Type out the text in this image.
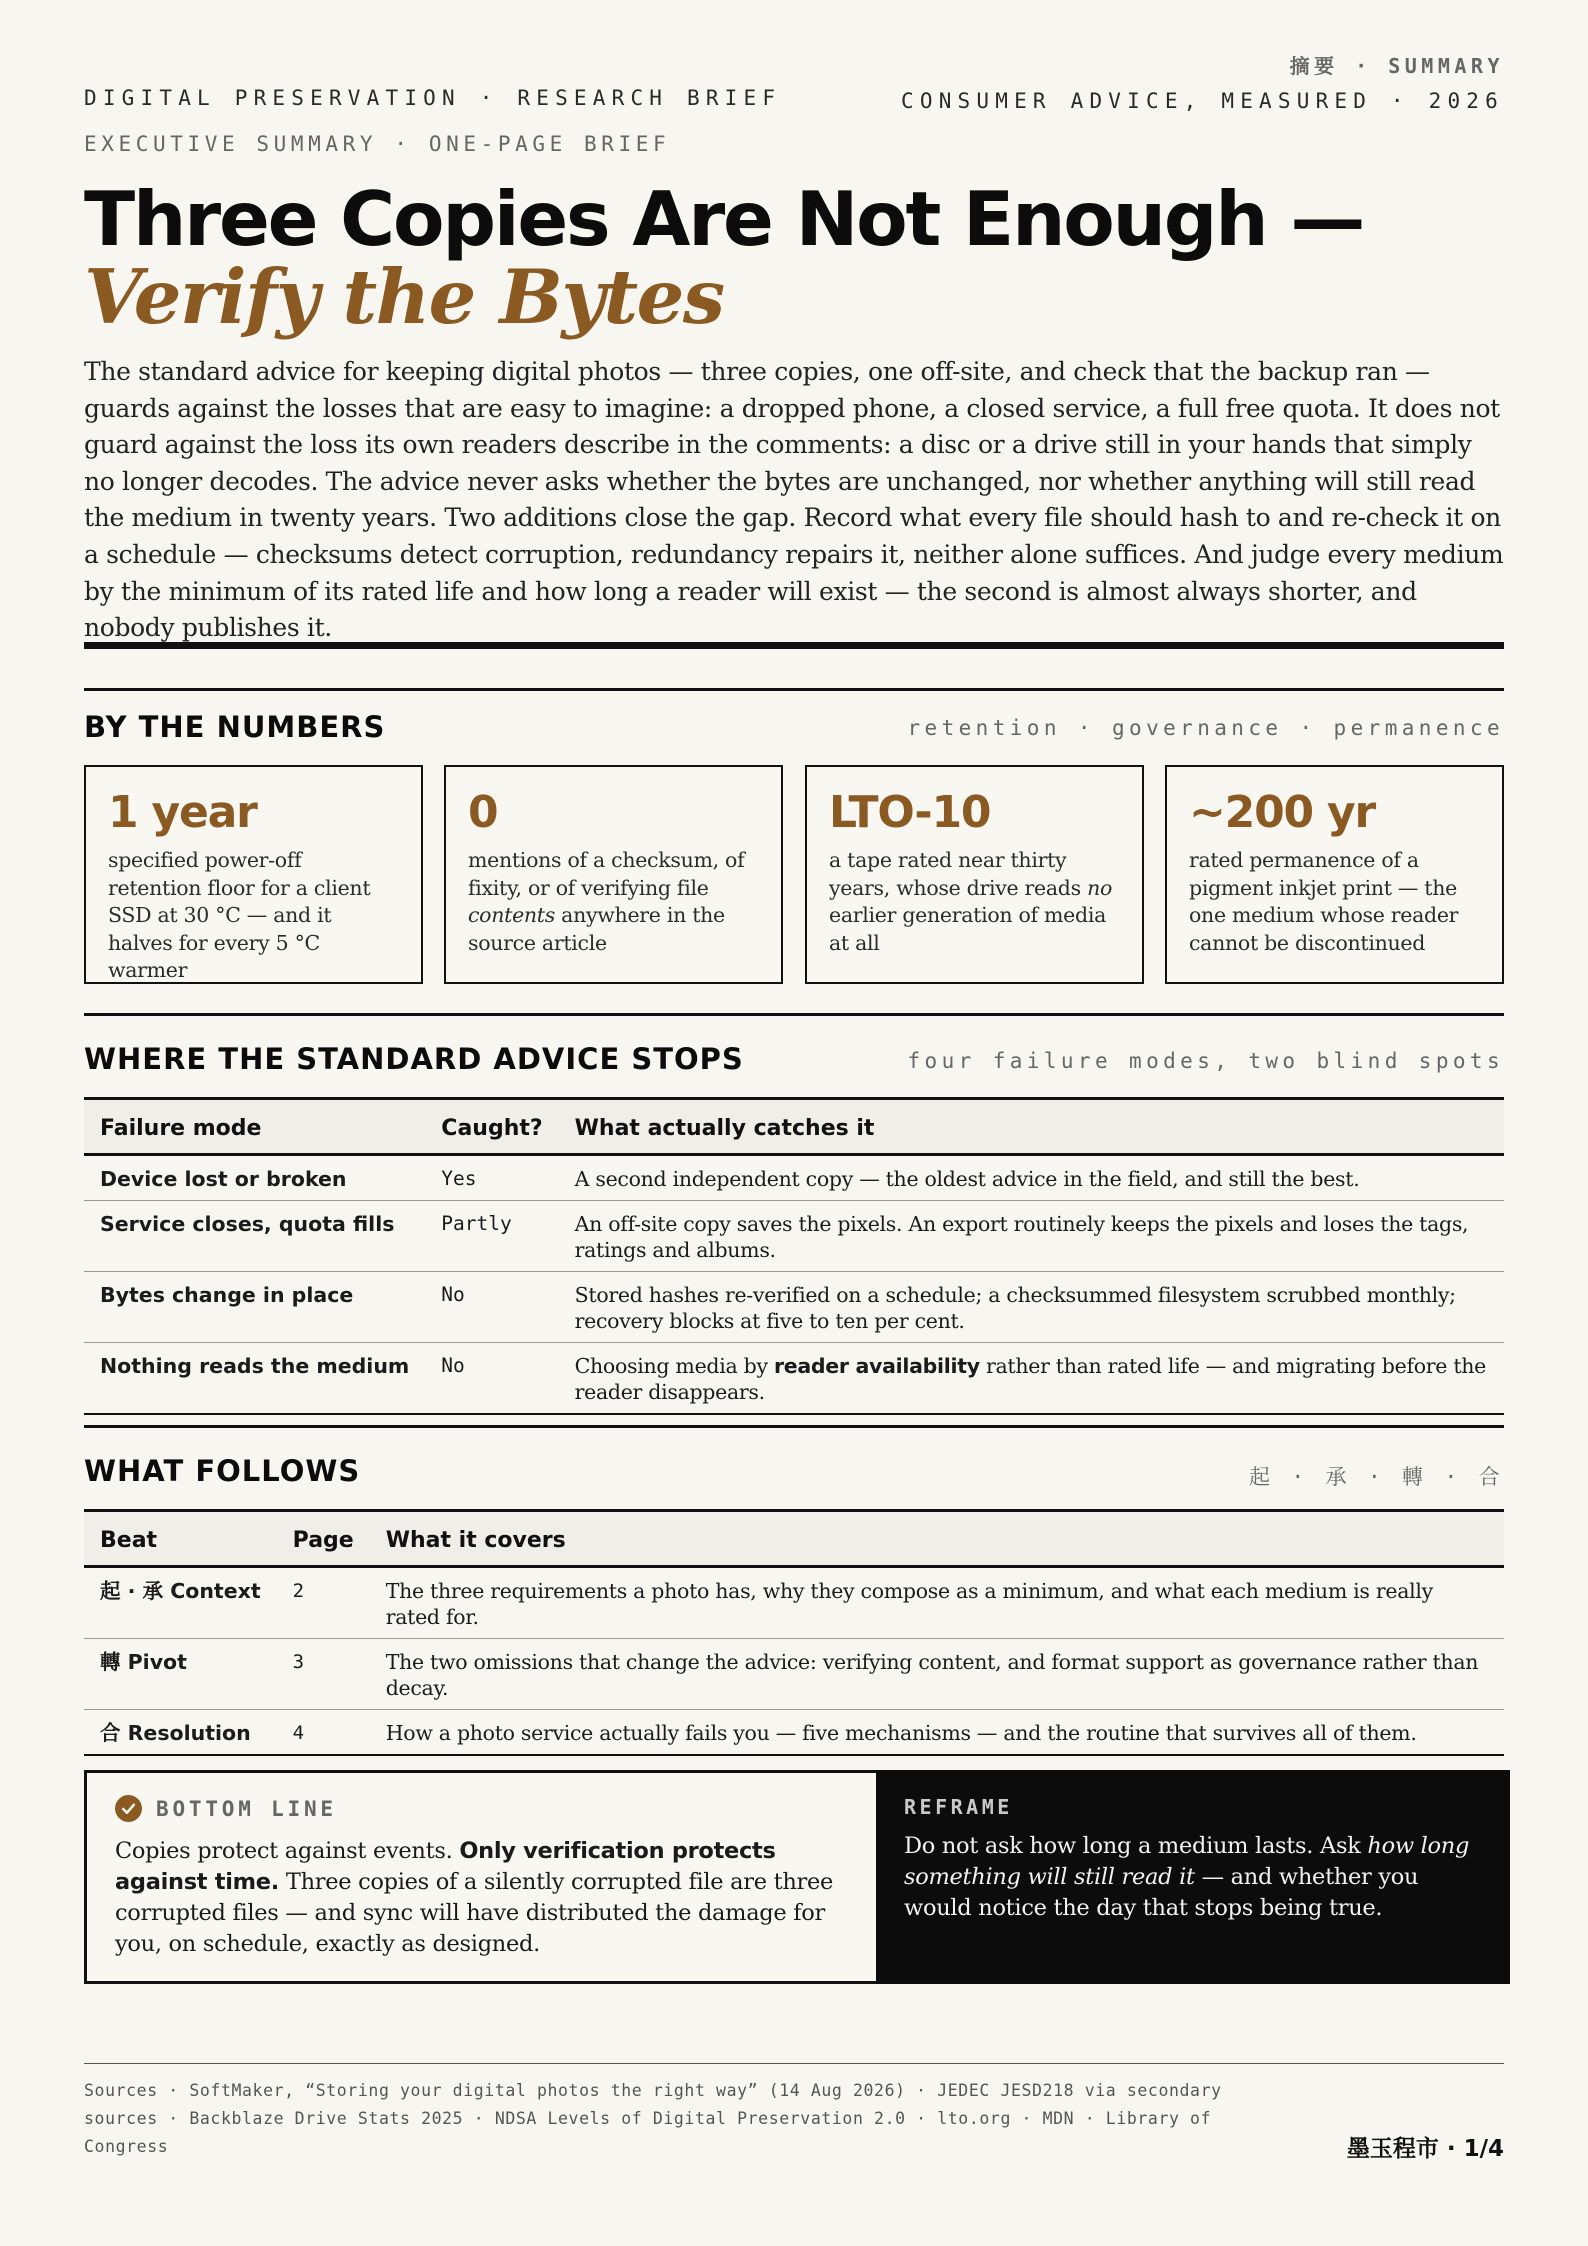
DIGITAL PRESERVATION · RESEARCH BRIEF
EXECUTIVE SUMMARY · ONE-PAGE BRIEF
摘要 · SUMMARY
CONSUMER ADVICE, MEASURED · 2026
Three Copies Are Not Enough — Verify the Bytes

The standard advice for keeping digital photos — three copies, one off-site, and check that the backup ran — guards against the losses that are easy to imagine: a dropped phone, a closed service, a full free quota. It does not guard against the loss its own readers describe in the comments: a disc or a drive still in your hands that simply no longer decodes. The advice never asks whether the bytes are unchanged, nor whether anything will still read the medium in twenty years. Two additions close the gap. Record what every file should hash to and re-check it on a schedule — checksums detect corruption, redundancy repairs it, neither alone suffices. And judge every medium by the minimum of its rated life and how long a reader will exist — the second is almost always shorter, and nobody publishes it.

BY THE NUMBERS	retention · governance · permanence
1 year
specified power-off retention floor for a client SSD at 30 °C — and it halves for every 5 °C warmer
0
mentions of a checksum, of fixity, or of verifying file contents anywhere in the source article
LTO-10
a tape rated near thirty years, whose drive reads no earlier generation of media at all
~200 yr
rated permanence of a pigment inkjet print — the one medium whose reader cannot be discontinued
WHERE THE STANDARD ADVICE STOPS	four failure modes, two blind spots
Failure mode	Caught?	What actually catches it
Device lost or broken	Yes	A second independent copy — the oldest advice in the field, and still the best.
Service closes, quota fills	Partly	An off-site copy saves the pixels. An export routinely keeps the pixels and loses the tags, ratings and albums.
Bytes change in place	No	Stored hashes re-verified on a schedule; a checksummed filesystem scrubbed monthly; recovery blocks at five to ten per cent.
Nothing reads the medium	No	Choosing media by reader availability rather than rated life — and migrating before the reader disappears.
WHAT FOLLOWS	起 · 承 · 轉 · 合
Beat	Page	What it covers
起 · 承 Context	2	The three requirements a photo has, why they compose as a minimum, and what each medium is really rated for.
轉 Pivot	3	The two omissions that change the advice: verifying content, and format support as governance rather than decay.
合 Resolution	4	How a photo service actually fails you — five mechanisms — and the routine that survives all of them.
BOTTOM LINE

Copies protect against events. Only verification protects against time. Three copies of a silently corrupted file are three corrupted files — and sync will have distributed the damage for you, on schedule, exactly as designed.

REFRAME

Do not ask how long a medium lasts. Ask how long something will still read it — and whether you would notice the day that stops being true.

Sources · SoftMaker, “Storing your digital photos the right way” (14 Aug 2026) · JEDEC JESD218 via secondary sources · Backblaze Drive Stats 2025 · NDSA Levels of Digital Preservation 2.0 · lto.org · MDN · Library of Congress	墨玉程市 · 1/4
